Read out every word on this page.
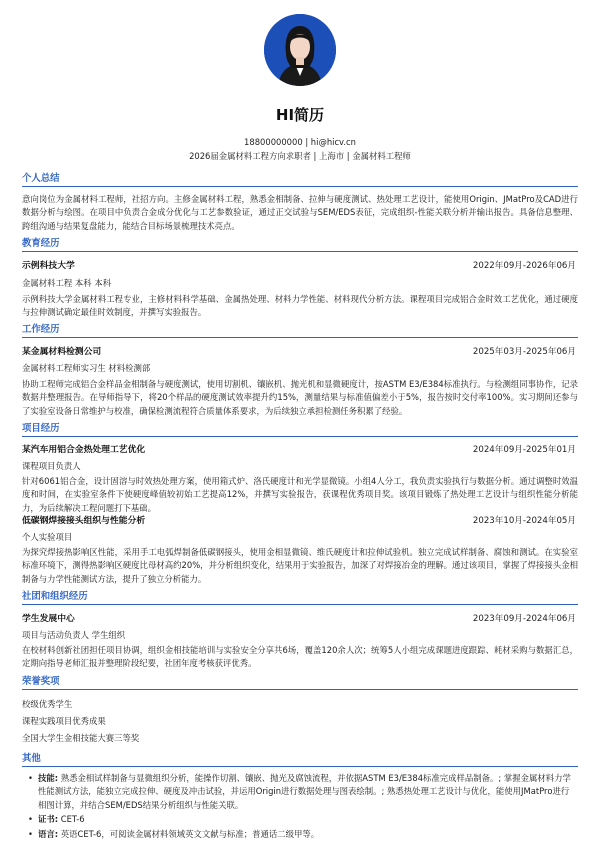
HI简历
18800000000 | hi@hicv.cn
2026届金属材料工程方向求职者 | 上海市 | 金属材料工程师
个人总结
意向岗位为金属材料工程师，社招方向。主修金属材料工程，熟悉金相制备、拉伸与硬度测试、热处理工艺设计，能使用Origin、JMatPro及CAD进行数据分析与绘图。在项目中负责合金成分优化与工艺参数验证，通过正交试验与SEM/EDS表征，完成组织-性能关联分析并输出报告。具备信息整理、跨组沟通与结果复盘能力，能结合目标场景梳理技术亮点。
教育经历
示例科技大学	2022年09月-2026年06月
金属材料工程 本科 本科
示例科技大学金属材料工程专业，主修材料科学基础、金属热处理、材料力学性能、材料现代分析方法。课程项目完成铝合金时效工艺优化，通过硬度与拉伸测试确定最佳时效制度，并撰写实验报告。
工作经历
某金属材料检测公司	2025年03月-2025年06月
金属材料工程师实习生 材料检测部
协助工程师完成铝合金样品金相制备与硬度测试，使用切割机、镶嵌机、抛光机和显微硬度计，按ASTM E3/E384标准执行。与检测组同事协作，记录数据并整理报告。在导师指导下，将20个样品的硬度测试效率提升约15%，测量结果与标准值偏差小于5%，报告按时交付率100%。实习期间还参与了实验室设备日常维护与校准，确保检测流程符合质量体系要求，为后续独立承担检测任务积累了经验。
项目经历
某汽车用铝合金热处理工艺优化	2024年09月-2025年01月
课程项目负责人
针对6061铝合金，设计固溶与时效热处理方案，使用箱式炉、洛氏硬度计和光学显微镜。小组4人分工，我负责实验执行与数据分析。通过调整时效温度和时间，在实验室条件下使硬度峰值较初始工艺提高12%，并撰写实验报告，获课程优秀项目奖。该项目锻炼了热处理工艺设计与组织性能分析能力，为后续解决工程问题打下基础。
低碳钢焊接接头组织与性能分析	2023年10月-2024年05月
个人实验项目
为探究焊接热影响区性能，采用手工电弧焊制备低碳钢接头，使用金相显微镜、维氏硬度计和拉伸试验机。独立完成试样制备、腐蚀和测试。在实验室标准环境下，测得热影响区硬度比母材高约20%，并分析组织变化，结果用于实验报告，加深了对焊接冶金的理解。通过该项目，掌握了焊接接头金相制备与力学性能测试方法，提升了独立分析能力。
社团和组织经历
学生发展中心	2023年09月-2024年06月
项目与活动负责人 学生组织
在校材料创新社团担任项目协调，组织金相技能培训与实验安全分享共6场，覆盖120余人次；统筹5人小组完成课题进度跟踪、耗材采购与数据汇总，定期向指导老师汇报并整理阶段纪要，社团年度考核获评优秀。
荣誉奖项
校级优秀学生
课程实践项目优秀成果
全国大学生金相技能大赛三等奖
其他
• 技能: 熟悉金相试样制备与显微组织分析，能操作切割、镶嵌、抛光及腐蚀流程，并依据ASTM E3/E384标准完成样品制备。; 掌握金属材料力学性能测试方法，能独立完成拉伸、硬度及冲击试验，并运用Origin进行数据处理与图表绘制。; 熟悉热处理工艺设计与优化，能使用JMatPro进行相图计算，并结合SEM/EDS结果分析组织与性能关联。
• 证书: CET-6
• 语言: 英语CET-6，可阅读金属材料领域英文文献与标准；普通话二级甲等。
